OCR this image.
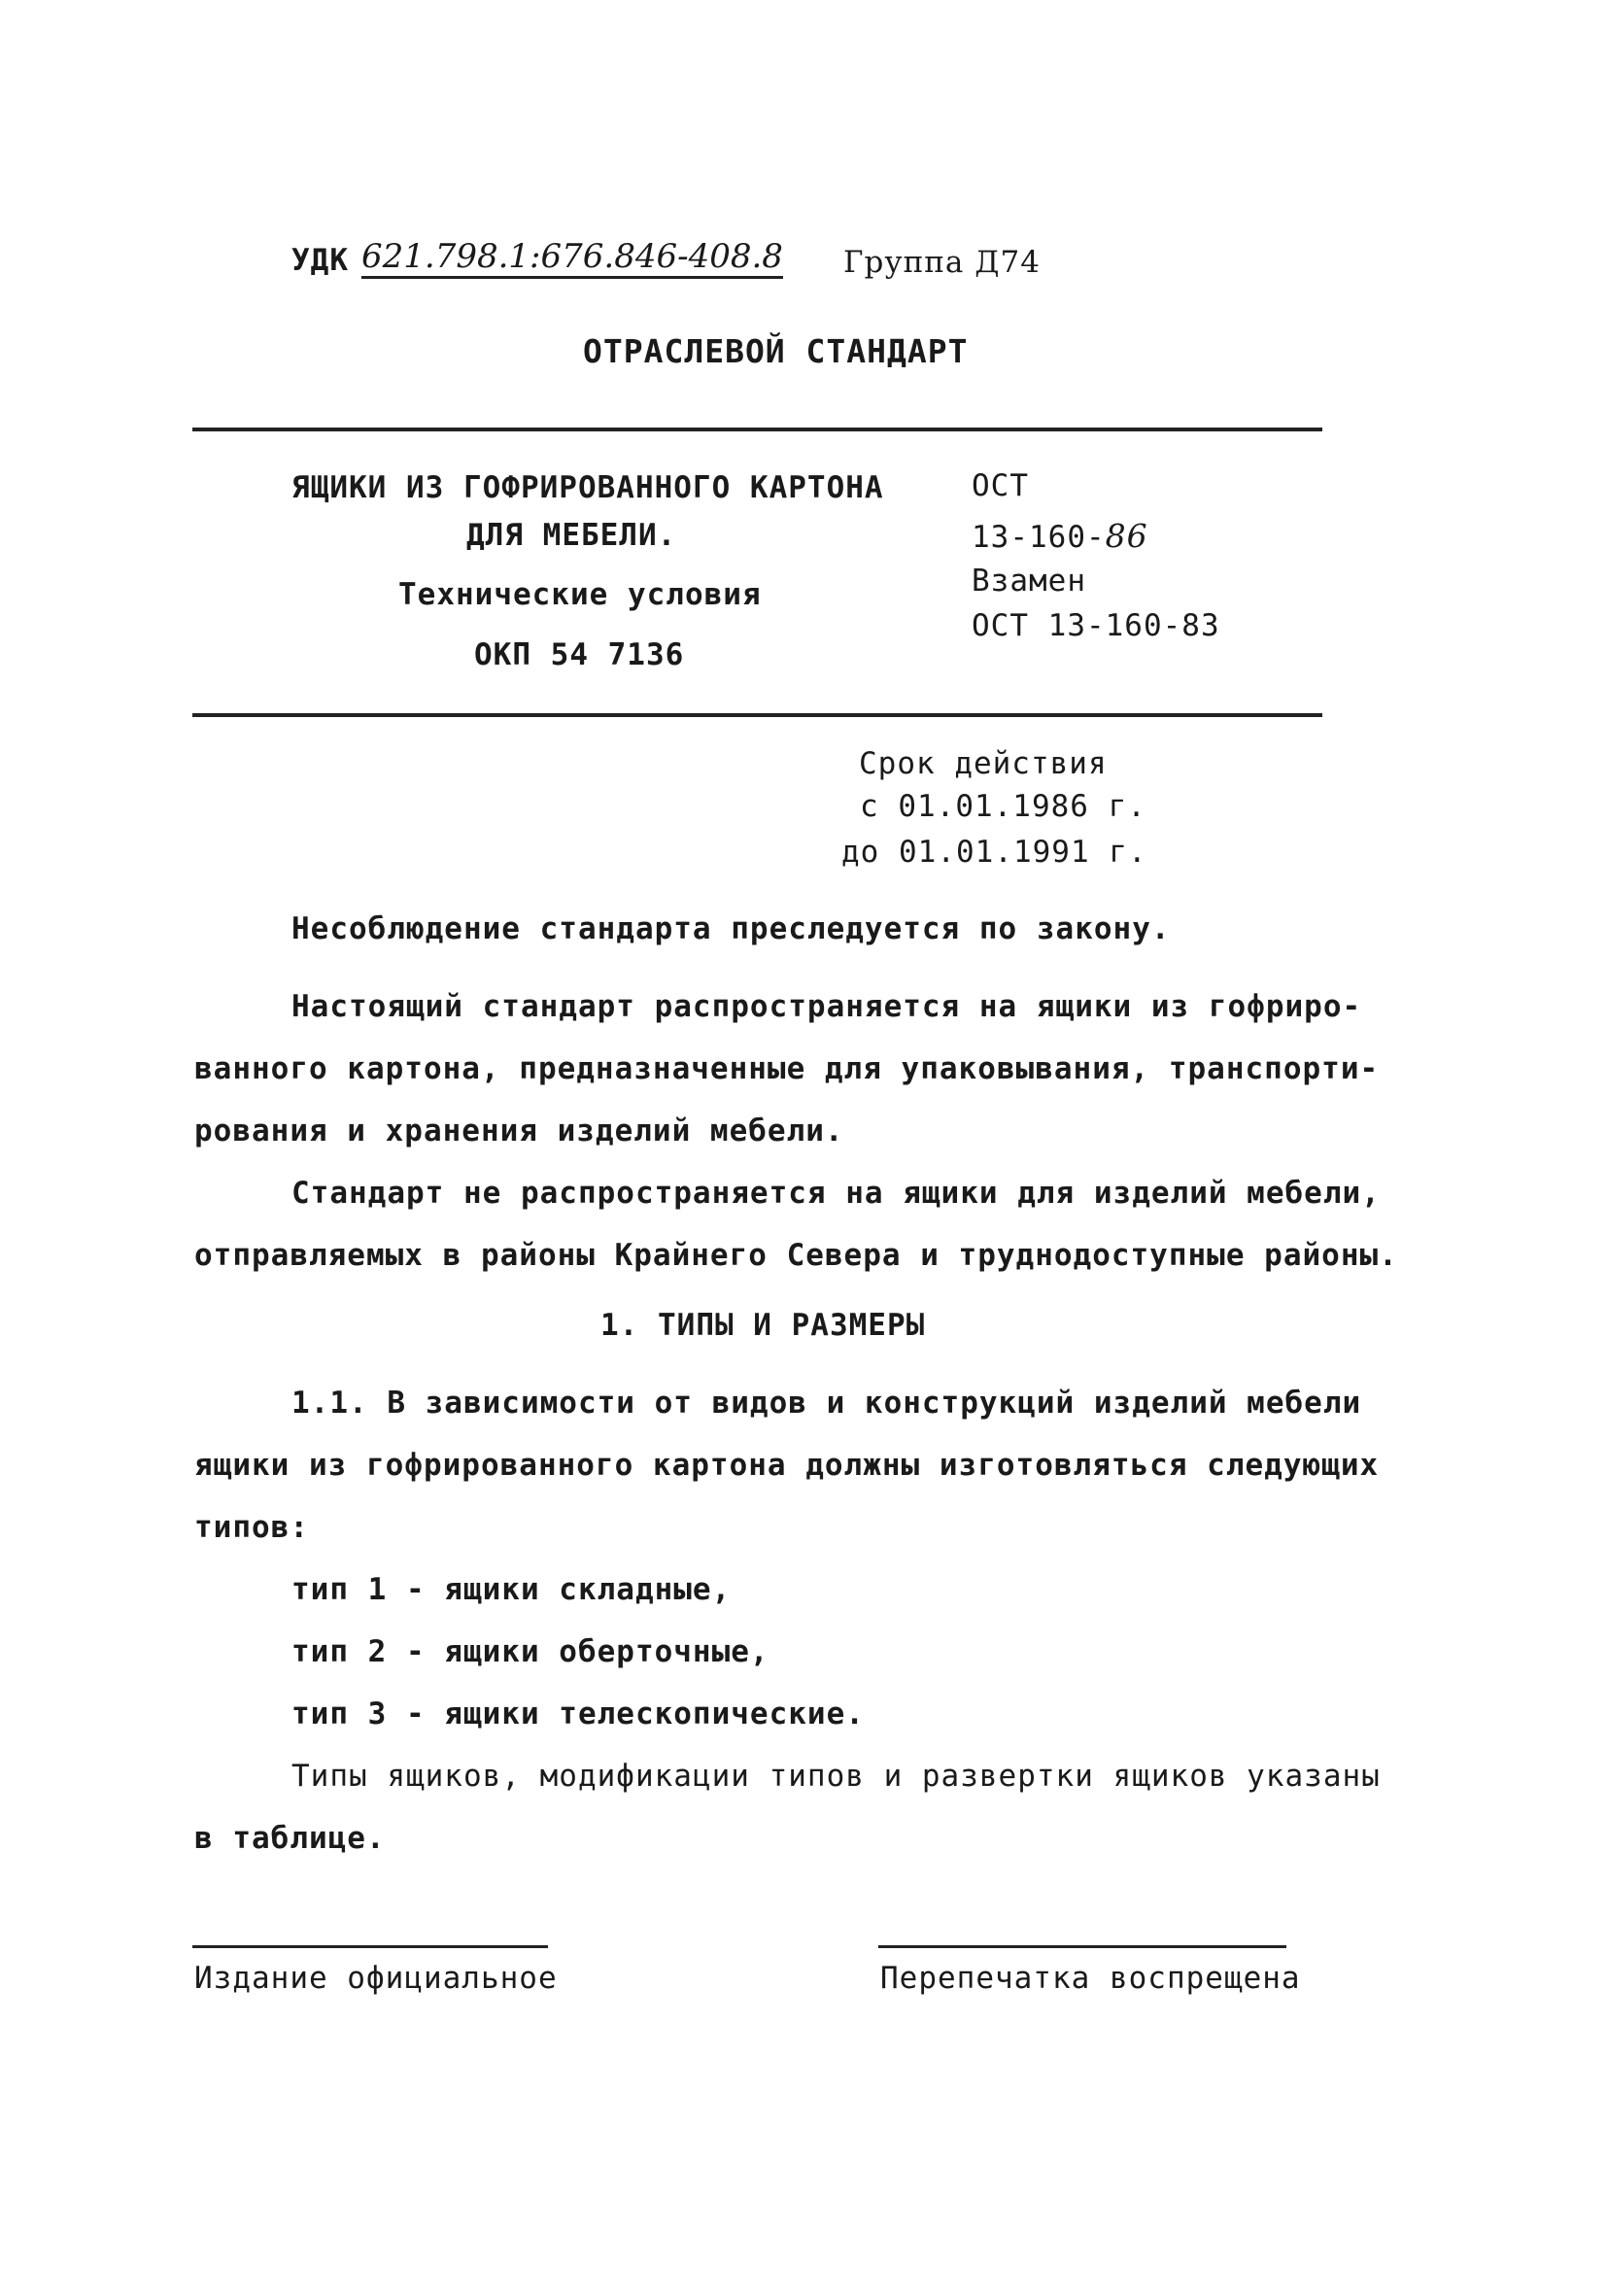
УДК 621.798.1:676.846-408.8 Группа Д74
ОТРАСЛЕВОЙ СТАНДАРТ
ЯЩИКИ ИЗ ГОФРИРОВАННОГО КАРТОНА
ДЛЯ МЕБЕЛИ.
Технические условия
ОКП 54 7136
ОСТ
13-160-86
Взамен
ОСТ 13-160-83
Срок действия
с 01.01.1986 г.
до 01.01.1991 г.
Несоблюдение стандарта преследуется по закону.
Настоящий стандарт распространяется на ящики из гофриро-
ванного картона, предназначенные для упаковывания, транспорти-
рования и хранения изделий мебели.
Стандарт не распространяется на ящики для изделий мебели,
отправляемых в районы Крайнего Севера и труднодоступные районы.
1. ТИПЫ И РАЗМЕРЫ
1.1. В зависимости от видов и конструкций изделий мебели
ящики из гофрированного картона должны изготовляться следующих
типов:
тип 1 - ящики складные,
тип 2 - ящики оберточные,
тип 3 - ящики телескопические.
Типы ящиков, модификации типов и развертки ящиков указаны
в таблице.
Издание официальное	Перепечатка воспрещена
